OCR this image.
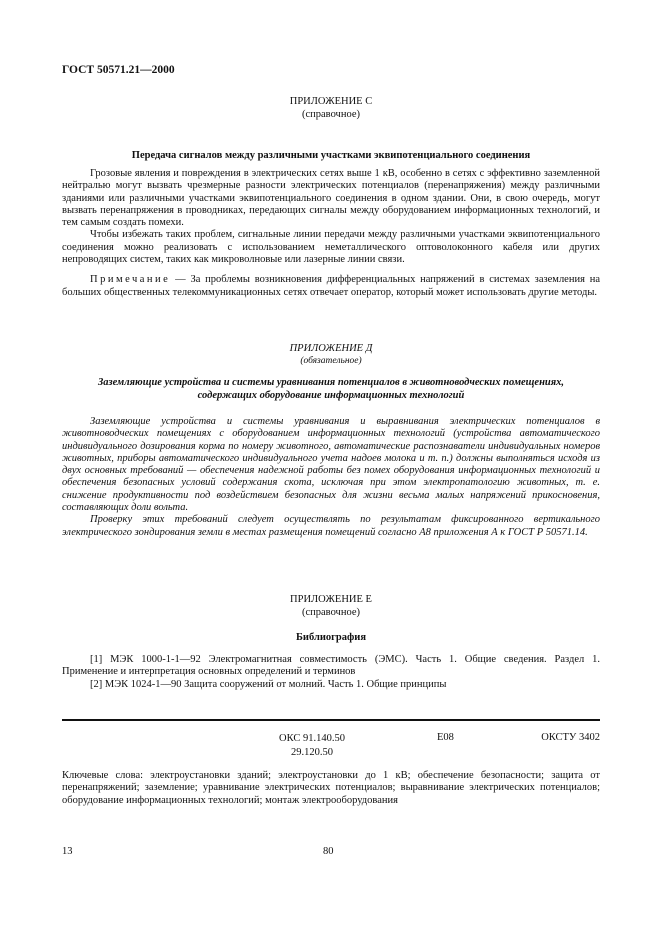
ГОСТ 50571.21—2000
ПРИЛОЖЕНИЕ С
(справочное)
Передача сигналов между различными участками эквипотенциального соединения

Грозовые явления и повреждения в электрических сетях выше 1 кВ, особенно в сетях с эффективно заземленной нейтралью могут вызвать чрезмерные разности электрических потенциалов (перенапряжения) между различными зданиями или различными участками эквипотенциального соединения в одном здании. Они, в свою очередь, могут вызвать перенапряжения в проводниках, передающих сигналы между оборудованием информационных технологий, и тем самым создать помехи.

Чтобы избежать таких проблем, сигнальные линии передачи между различными участками эквипотенциального соединения можно реализовать с использованием неметаллического оптоволоконного кабеля или других непроводящих систем, таких как микроволновые или лазерные линии связи.

Примечание — За проблемы возникновения дифференциальных напряжений в системах заземления на больших общественных телекоммуникационных сетях отвечает оператор, который может использовать другие методы.

ПРИЛОЖЕНИЕ Д
(обязательное)
Заземляющие устройства и системы уравнивания потенциалов в животноводческих помещениях, содержащих оборудование информационных технологий

Заземляющие устройства и системы уравнивания и выравнивания электрических потенциалов в животноводческих помещениях с оборудованием информационных технологий (устройства автоматического индивидуального дозирования корма по номеру животного, автоматические распознаватели индивидуальных номеров животных, приборы автоматического индивидуального учета надоев молока и т. п.) должны выполняться исходя из двух основных требований — обеспечения надежной работы без помех оборудования информационных технологий и обеспечения безопасных условий содержания скота, исключая при этом электропатологию животных, т. е. снижение продуктивности под воздействием безопасных для жизни весьма малых напряжений прикосновения, составляющих доли вольта.

Проверку этих требований следует осуществлять по результатам фиксированного вертикального электрического зондирования земли в местах размещения помещений согласно А8 приложения А к ГОСТ Р 50571.14.

ПРИЛОЖЕНИЕ Е
(справочное)
Библиография

[1] МЭК 1000-1-1—92 Электромагнитная совместимость (ЭМС). Часть 1. Общие сведения. Раздел 1. Применение и интерпретация основных определений и терминов

[2] МЭК 1024-1—90 Защита сооружений от молний. Часть 1. Общие принципы

ОКС 91.140.50
29.120.50
Е08	ОКСТУ 3402

Ключевые слова: электроустановки зданий; электроустановки до 1 кВ; обеспечение безопасности; защита от перенапряжений; заземление; уравнивание электрических потенциалов; выравнивание электрических потенциалов; оборудование информационных технологий; монтаж электрооборудования

13	80
